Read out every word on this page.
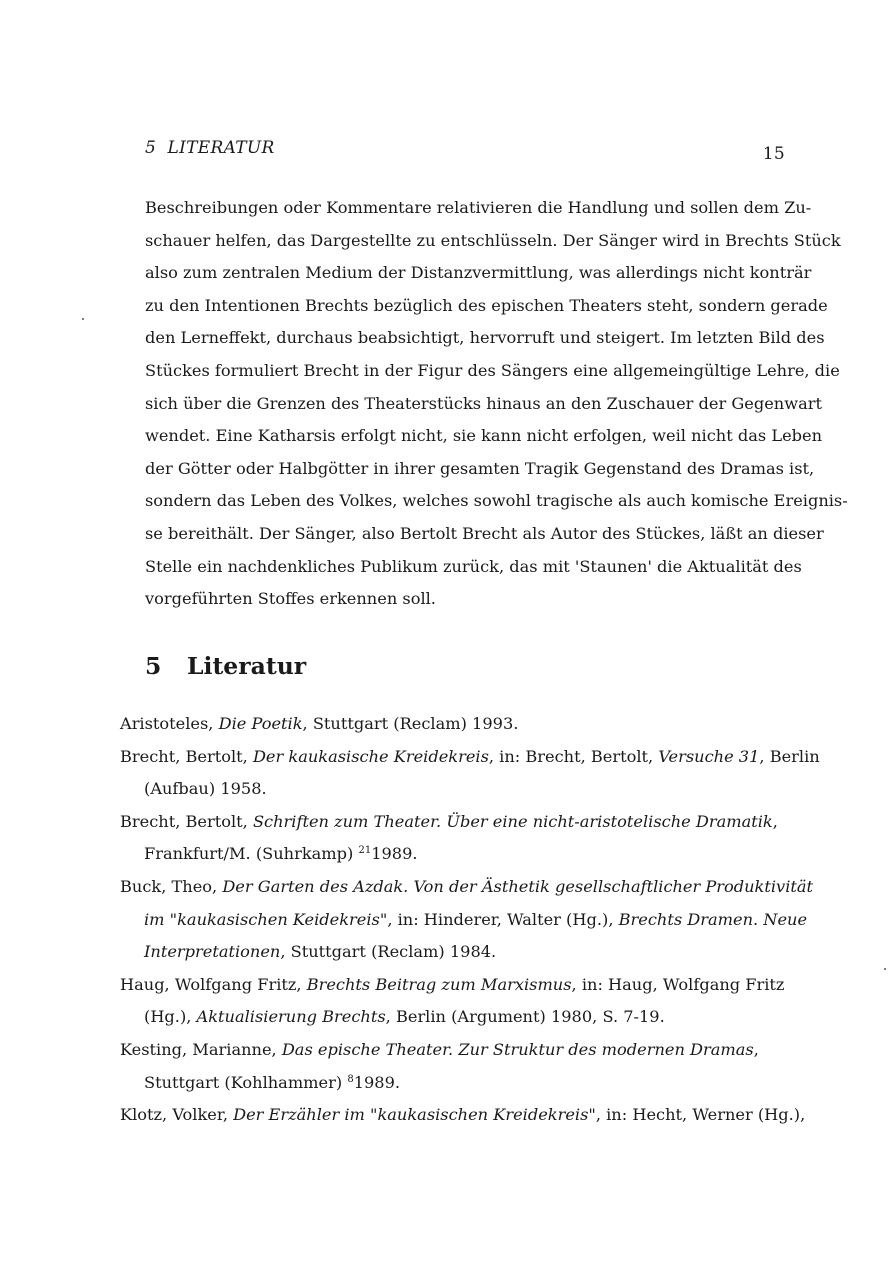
5  LITERATUR	15
Beschreibungen oder Kommentare relativieren die Handlung und sollen dem Zu-
schauer helfen, das Dargestellte zu entschlüsseln. Der Sänger wird in Brechts Stück
also zum zentralen Medium der Distanzvermittlung, was allerdings nicht konträr
zu den Intentionen Brechts bezüglich des epischen Theaters steht, sondern gerade
den Lerneffekt, durchaus beabsichtigt, hervorruft und steigert. Im letzten Bild des
Stückes formuliert Brecht in der Figur des Sängers eine allgemeingültige Lehre, die
sich über die Grenzen des Theaterstücks hinaus an den Zuschauer der Gegenwart
wendet. Eine Katharsis erfolgt nicht, sie kann nicht erfolgen, weil nicht das Leben
der Götter oder Halbgötter in ihrer gesamten Tragik Gegenstand des Dramas ist,
sondern das Leben des Volkes, welches sowohl tragische als auch komische Ereignis-
se bereithält. Der Sänger, also Bertolt Brecht als Autor des Stückes, läßt an dieser
Stelle ein nachdenkliches Publikum zurück, das mit 'Staunen' die Aktualität des
vorgeführten Stoffes erkennen soll.
5 Literatur
Aristoteles, Die Poetik, Stuttgart (Reclam) 1993.
Brecht, Bertolt, Der kaukasische Kreidekreis, in: Brecht, Bertolt, Versuche 31, Berlin
(Aufbau) 1958.
Brecht, Bertolt, Schriften zum Theater. Über eine nicht-aristotelische Dramatik,
Frankfurt/M. (Suhrkamp) $^{21}$1989.
Buck, Theo, Der Garten des Azdak. Von der Ästhetik gesellschaftlicher Produktivität
im "kaukasischen Keidekreis", in: Hinderer, Walter (Hg.), Brechts Dramen. Neue
Interpretationen, Stuttgart (Reclam) 1984.
Haug, Wolfgang Fritz, Brechts Beitrag zum Marxismus, in: Haug, Wolfgang Fritz
(Hg.), Aktualisierung Brechts, Berlin (Argument) 1980, S. 7-19.
Kesting, Marianne, Das epische Theater. Zur Struktur des modernen Dramas,
Stuttgart (Kohlhammer) $^8$1989.
Klotz, Volker, Der Erzähler im "kaukasischen Kreidekreis", in: Hecht, Werner (Hg.),
